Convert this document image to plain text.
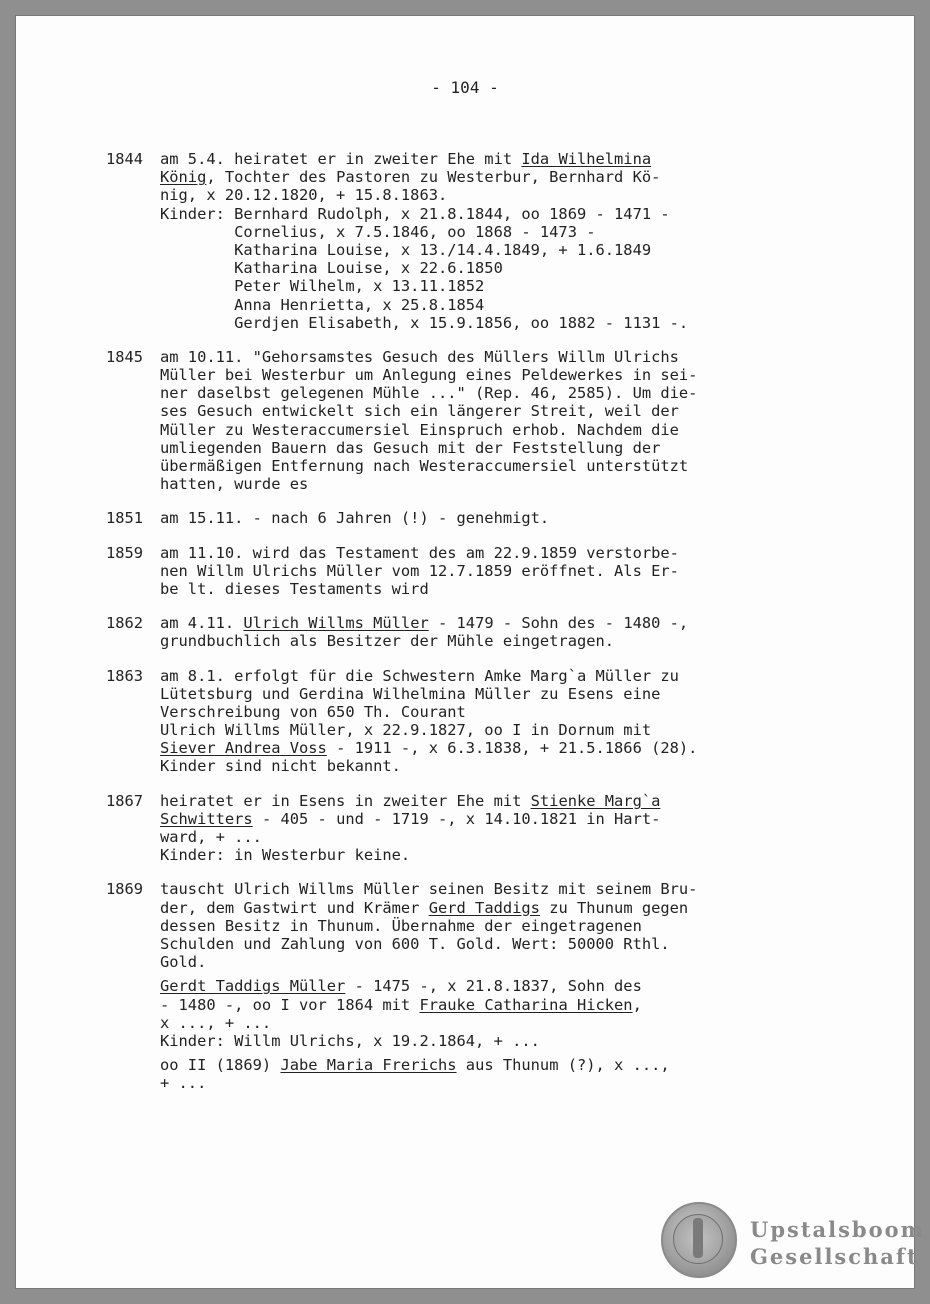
- 104 -
1844	am 5.4. heiratet er in zweiter Ehe mit Ida Wilhelmina
König, Tochter des Pastoren zu Westerbur, Bernhard Kö-
nig, x 20.12.1820, + 15.8.1863.
Kinder: Bernhard Rudolph, x 21.8.1844, oo 1869 - 1471 -
Cornelius, x 7.5.1846, oo 1868 - 1473 -
Katharina Louise, x 13./14.4.1849, + 1.6.1849
Katharina Louise, x 22.6.1850
Peter Wilhelm, x 13.11.1852
Anna Henrietta, x 25.8.1854
Gerdjen Elisabeth, x 15.9.1856, oo 1882 - 1131 -.
1845	am 10.11. "Gehorsamstes Gesuch des Müllers Willm Ulrichs
Müller bei Westerbur um Anlegung eines Peldewerkes in sei-
ner daselbst gelegenen Mühle ..." (Rep. 46, 2585). Um die-
ses Gesuch entwickelt sich ein längerer Streit, weil der
Müller zu Westeraccumersiel Einspruch erhob. Nachdem die
umliegenden Bauern das Gesuch mit der Feststellung der
übermäßigen Entfernung nach Westeraccumersiel unterstützt
hatten, wurde es
1851	am 15.11. - nach 6 Jahren (!) - genehmigt.
1859	am 11.10. wird das Testament des am 22.9.1859 verstorbe-
nen Willm Ulrichs Müller vom 12.7.1859 eröffnet. Als Er-
be lt. dieses Testaments wird
1862	am 4.11. Ulrich Willms Müller - 1479 - Sohn des - 1480 -,
grundbuchlich als Besitzer der Mühle eingetragen.
1863	am 8.1. erfolgt für die Schwestern Amke Marg`a Müller zu
Lütetsburg und Gerdina Wilhelmina Müller zu Esens eine
Verschreibung von 650 Th. Courant
Ulrich Willms Müller, x 22.9.1827, oo I in Dornum mit
Siever Andrea Voss - 1911 -, x 6.3.1838, + 21.5.1866 (28).
Kinder sind nicht bekannt.
1867	heiratet er in Esens in zweiter Ehe mit Stienke Marg`a
Schwitters - 405 - und - 1719 -, x 14.10.1821 in Hart-
ward, + ...
Kinder: in Westerbur keine.
1869	tauscht Ulrich Willms Müller seinen Besitz mit seinem Bru-
der, dem Gastwirt und Krämer Gerd Taddigs zu Thunum gegen
dessen Besitz in Thunum. Übernahme der eingetragenen
Schulden und Zahlung von 600 T. Gold. Wert: 50000 Rthl.
Gold.
Gerdt Taddigs Müller - 1475 -, x 21.8.1837, Sohn des
- 1480 -, oo I vor 1864 mit Frauke Catharina Hicken,
x ..., + ...
Kinder: Willm Ulrichs, x 19.2.1864, + ...
oo II (1869) Jabe Maria Frerichs aus Thunum (?), x ...,
+ ...
Upstalsboom
Gesellschaft
